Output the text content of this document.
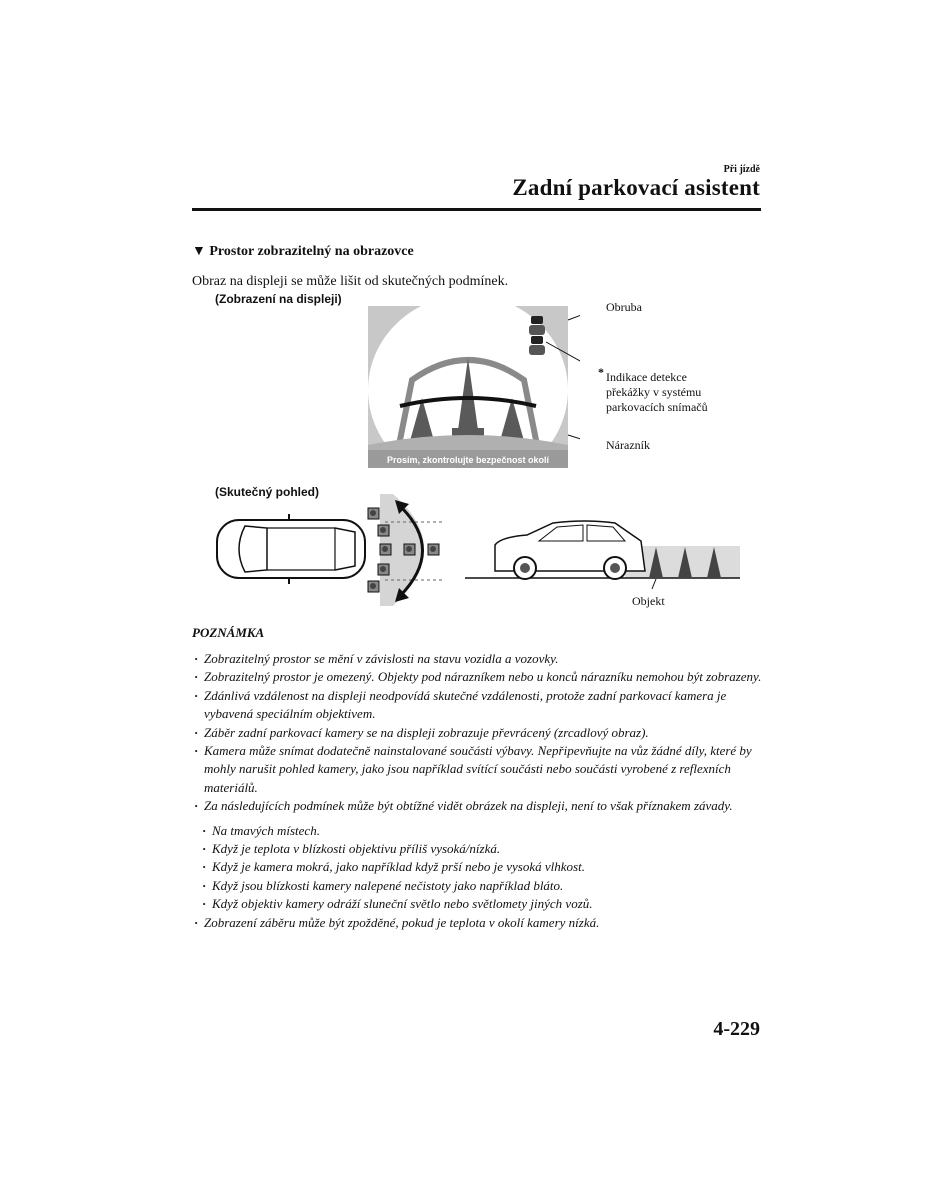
Při jízdě
Zadní parkovací asistent
▼ Prostor zobrazitelný na obrazovce
Obraz na displeji se může lišit od skutečných podmínek.
(Zobrazení na displeji)
Prosím, zkontrolujte bezpečnost okolí
Obruba
* Indikace detekce
překážky v systému
parkovacích snímačů
Nárazník
(Skutečný pohled)
Objekt
POZNÁMKA
· Zobrazitelný prostor se mění v závislosti na stavu vozidla a vozovky.
· Zobrazitelný prostor je omezený. Objekty pod nárazníkem nebo u konců nárazníku nemohou být zobrazeny.
· Zdánlivá vzdálenost na displeji neodpovídá skutečné vzdálenosti, protože zadní parkovací kamera je vybavená speciálním objektivem.
· Záběr zadní parkovací kamery se na displeji zobrazuje převrácený (zrcadlový obraz).
· Kamera může snímat dodatečně nainstalované součásti výbavy. Nepřipevňujte na vůz žádné díly, které by mohly narušit pohled kamery, jako jsou například svítící součásti nebo součásti vyrobené z reflexních materiálů.
· Za následujících podmínek může být obtížné vidět obrázek na displeji, není to však příznakem závady.
· Na tmavých místech.
· Když je teplota v blízkosti objektivu příliš vysoká/nízká.
· Když je kamera mokrá, jako například když prší nebo je vysoká vlhkost.
· Když jsou blízkosti kamery nalepené nečistoty jako například bláto.
· Když objektiv kamery odráží sluneční světlo nebo světlomety jiných vozů.
· Zobrazení záběru může být zpožděné, pokud je teplota v okolí kamery nízká.
4-229
